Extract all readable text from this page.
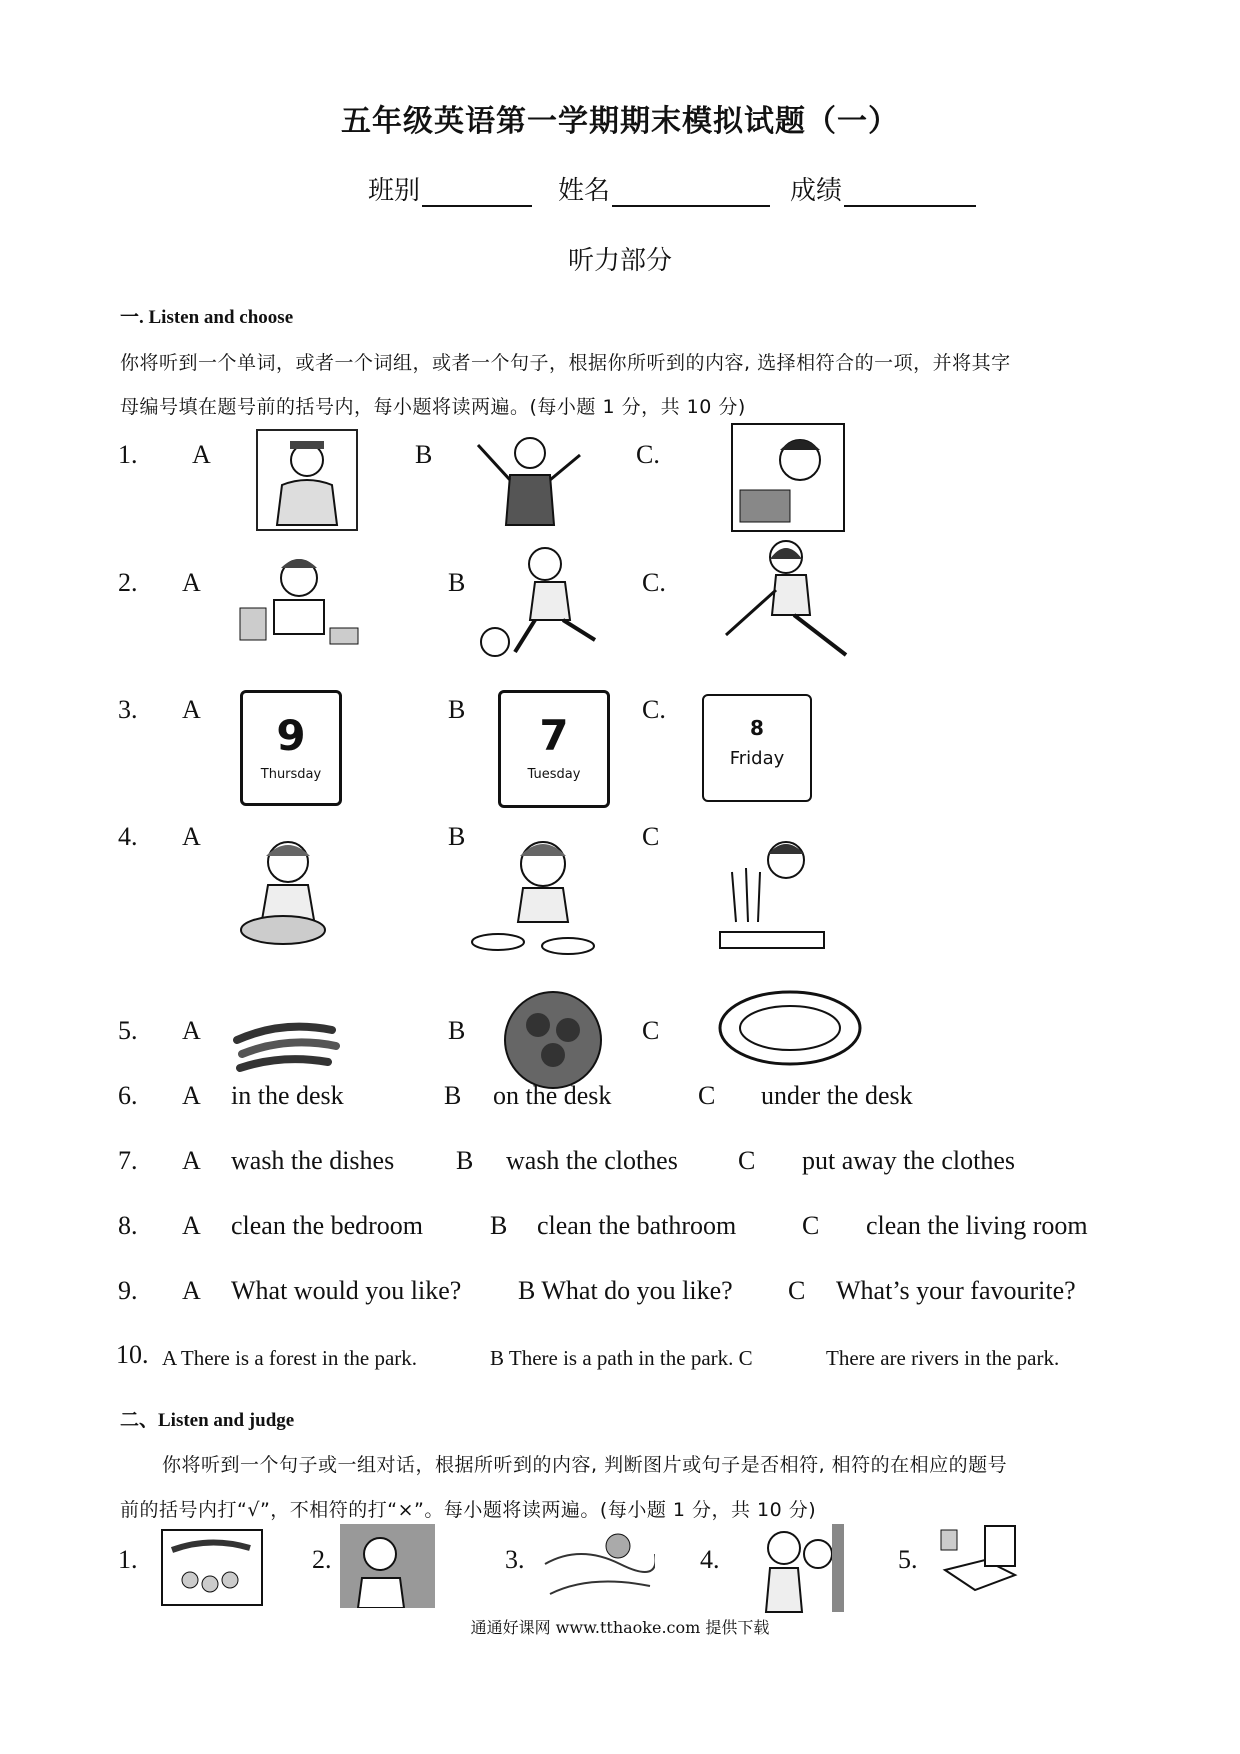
五年级英语第一学期期末模拟试题（一）
班别	姓名	成绩
听力部分
一. Listen and choose
你将听到一个单词，或者一个词组，或者一个句子，根据你所听到的内容, 选择相符合的一项，并将其字
母编号填在题号前的括号内，每小题将读两遍。(每小题 1 分，共 10 分)
1. A	B	C.
2. A	B	C.
3. A	B	C.
9
Thursday
7
Tuesday
8
Friday
4. A	B	C
5. A	B	C
6. A in the desk	B on the desk	C under the desk
7. A wash the dishes B wash the clothes C put away the clothes
8. A clean the bedroom	B clean the bathroom	C clean the living room
9. A What would you like? B What do you like? C What’s your favourite?
10. A There is a forest in the park.	B There is a path in the park. C	There are rivers in the park.
二、Listen and judge
你将听到一个句子或一组对话，根据所听到的内容, 判断图片或句子是否相符, 相符的在相应的题号
前的括号内打“√”，不相符的打“×”。每小题将读两遍。(每小题 1 分，共 10 分)
1.	2.	3.	4.	5.
通通好课网 www.tthaoke.com 提供下载
